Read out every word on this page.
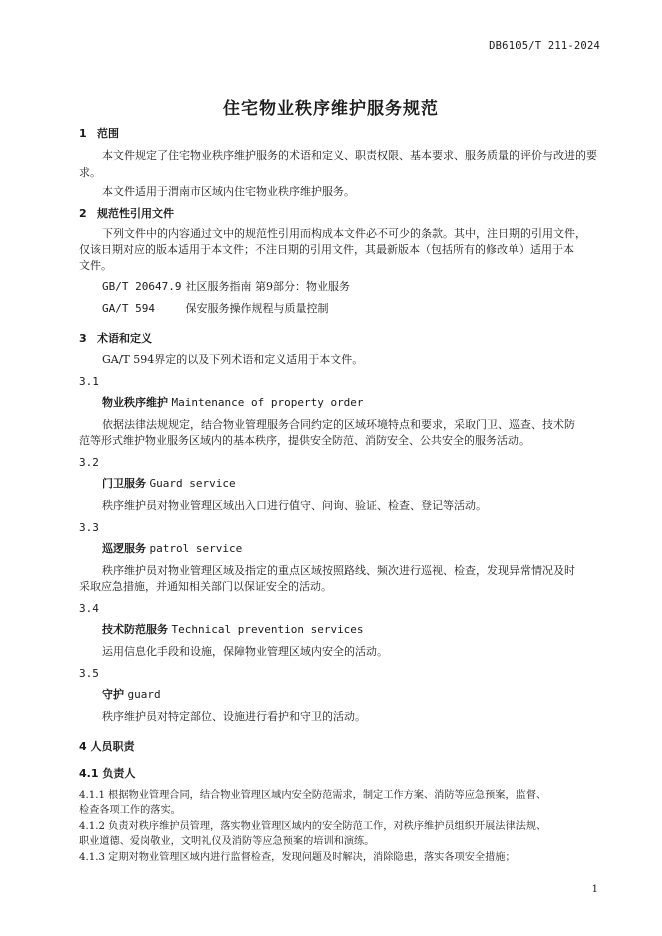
DB6105/T 211-2024
住宅物业秩序维护服务规范
1 范围
本文件规定了住宅物业秩序维护服务的术语和定义、职责权限、基本要求、服务质量的评价与改进的要
求。
本文件适用于渭南市区域内住宅物业秩序维护服务。
2 规范性引用文件
下列文件中的内容通过文中的规范性引用而构成本文件必不可少的条款。其中，注日期的引用文件，
仅该日期对应的版本适用于本文件；不注日期的引用文件，其最新版本（包括所有的修改单）适用于本
文件。
GB/T 20647.9 社区服务指南 第9部分：物业服务
GA/T 594	保安服务操作规程与质量控制
3 术语和定义
GA/T 594界定的以及下列术语和定义适用于本文件。
3.1
物业秩序维护 Maintenance of property order
依据法律法规规定，结合物业管理服务合同约定的区域环境特点和要求，采取门卫、巡查、技术防
范等形式维护物业服务区域内的基本秩序，提供安全防范、消防安全、公共安全的服务活动。
3.2
门卫服务 Guard service
秩序维护员对物业管理区域出入口进行值守、问询、验证、检查、登记等活动。
3.3
巡逻服务 patrol service
秩序维护员对物业管理区域及指定的重点区域按照路线、频次进行巡视、检查，发现异常情况及时
采取应急措施，并通知相关部门以保证安全的活动。
3.4
技术防范服务 Technical prevention services
运用信息化手段和设施，保障物业管理区域内安全的活动。
3.5
守护 guard
秩序维护员对特定部位、设施进行看护和守卫的活动。
4 人员职责
4.1 负责人
4.1.1 根据物业管理合同，结合物业管理区域内安全防范需求，制定工作方案、消防等应急预案，监督、
检查各项工作的落实。
4.1.2 负责对秩序维护员管理，落实物业管理区域内的安全防范工作，对秩序维护员组织开展法律法规、
职业道德、爱岗敬业，文明礼仪及消防等应急预案的培训和演练。
4.1.3 定期对物业管理区域内进行监督检查，发现问题及时解决，消除隐患，落实各项安全措施；
1
